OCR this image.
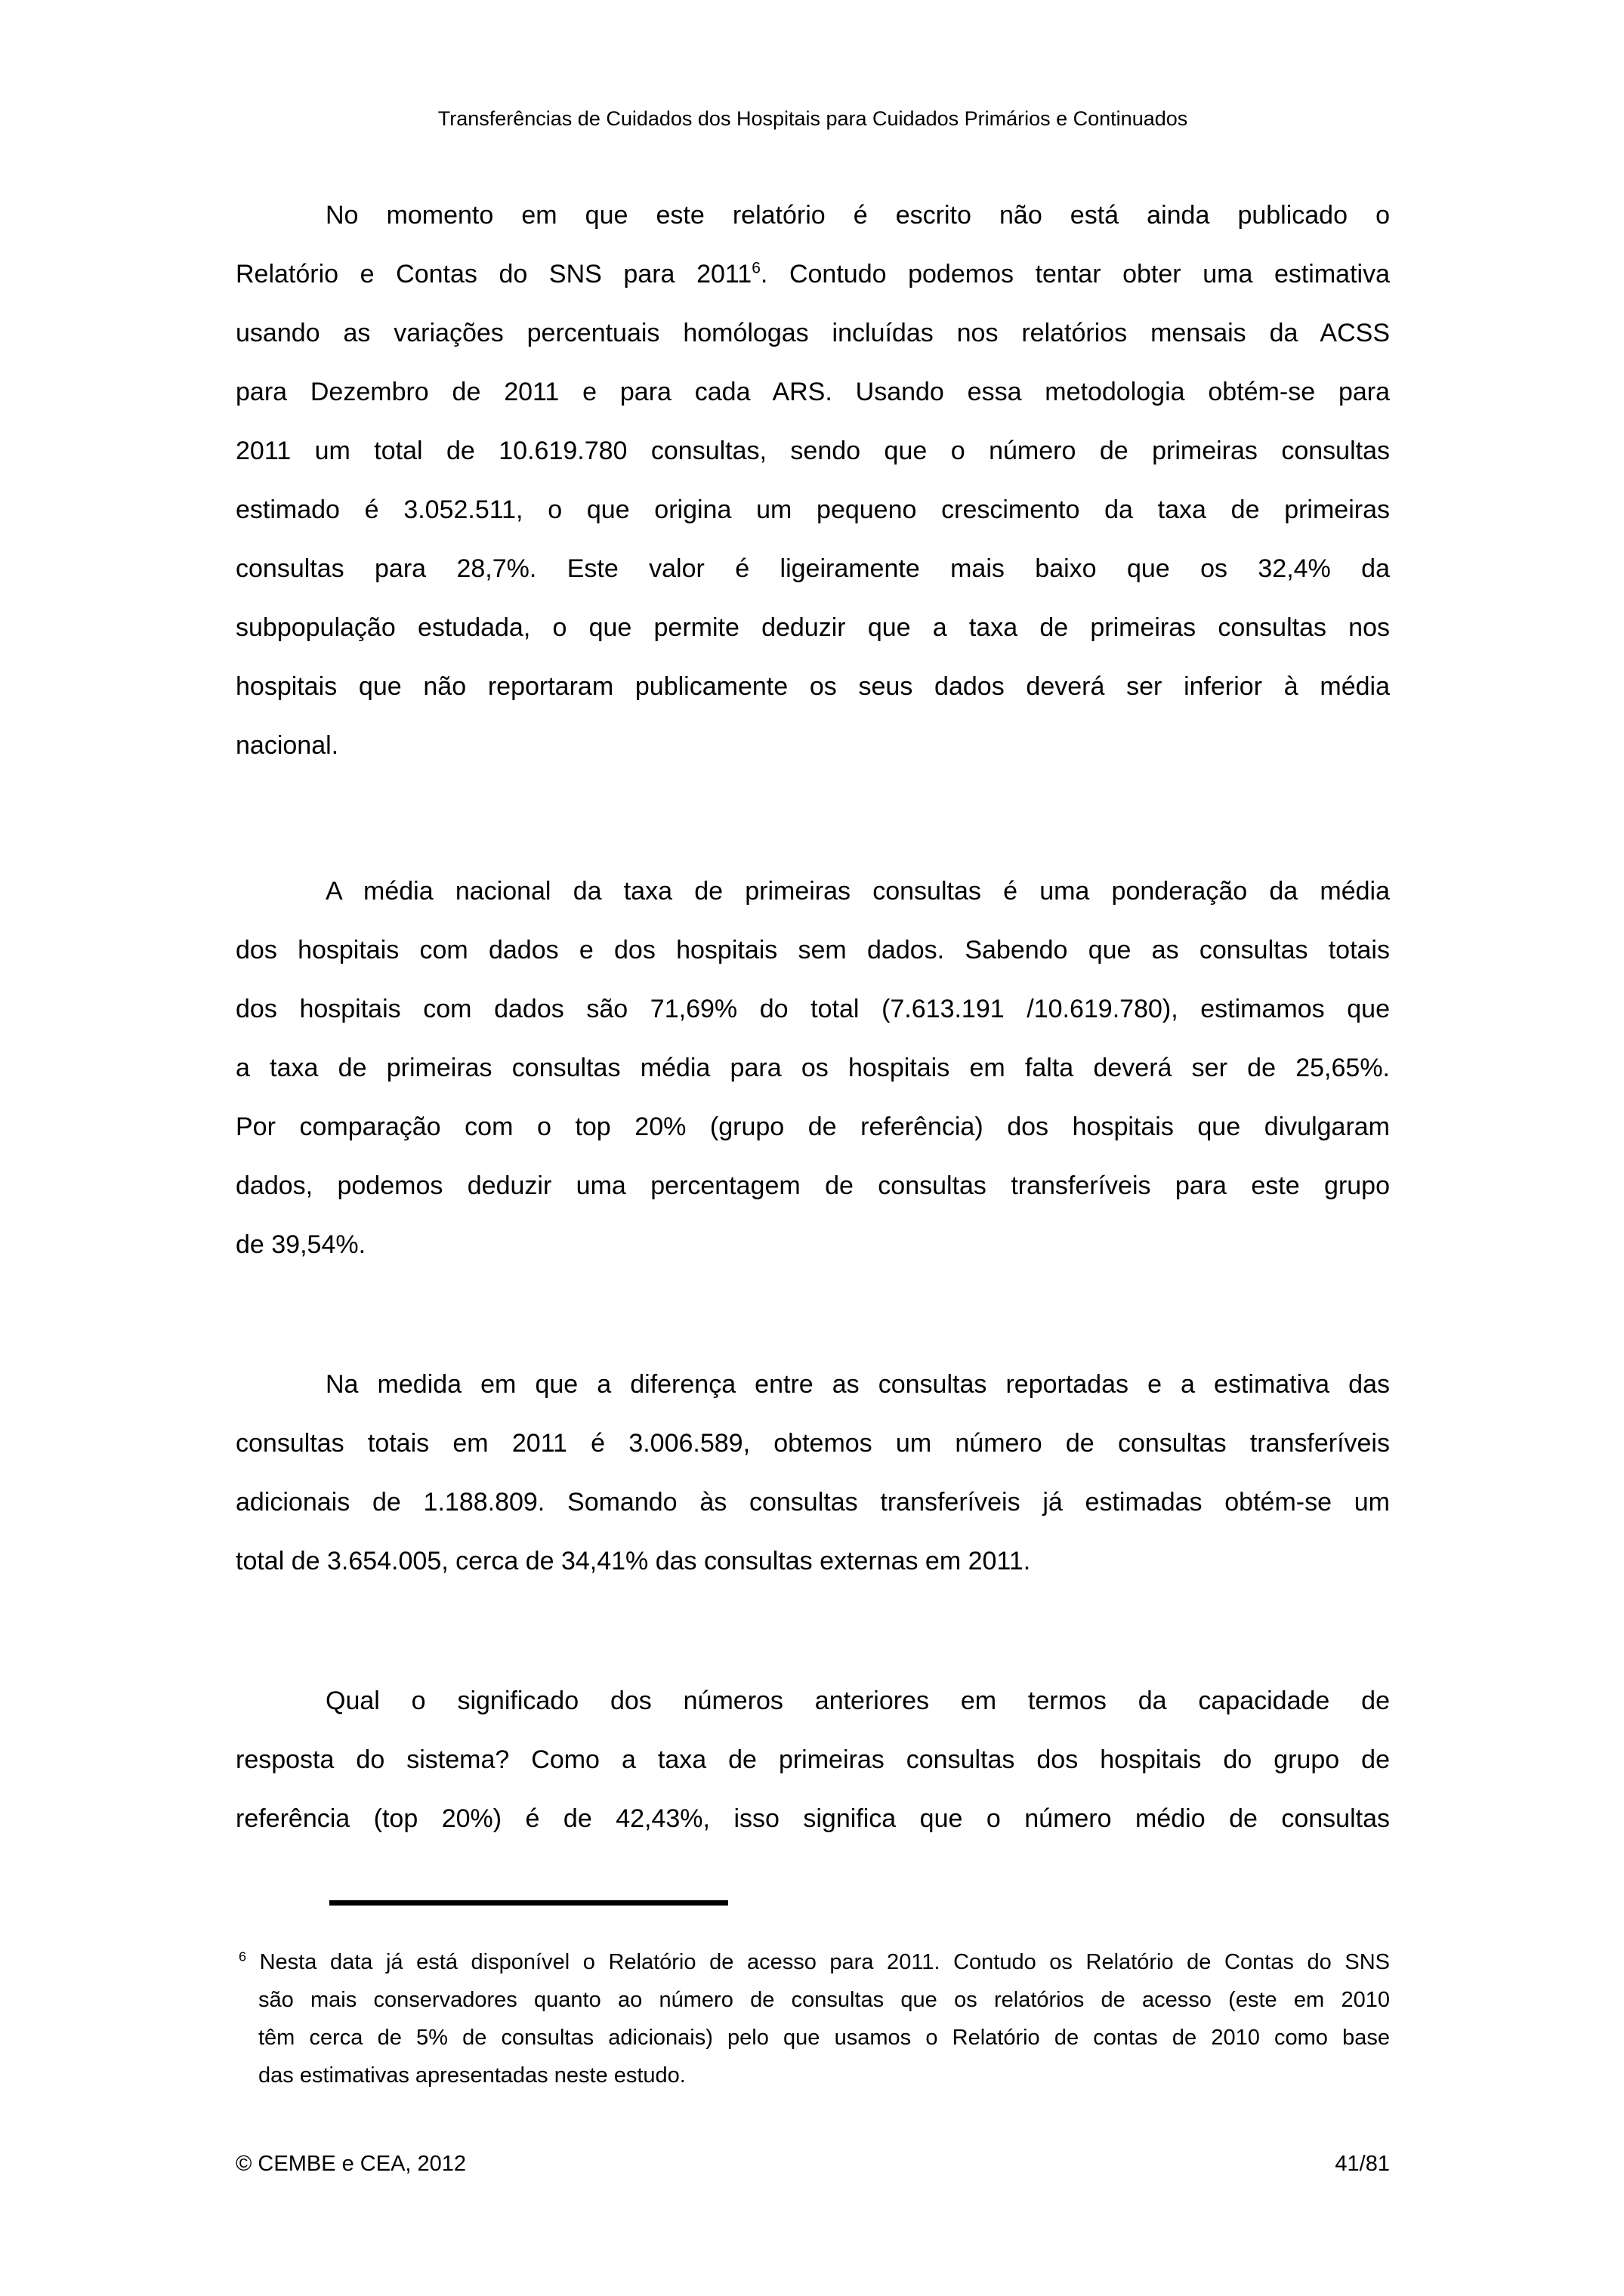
Transferências de Cuidados dos Hospitais para Cuidados Primários e Continuados
No momento em que este relatório é escrito não está ainda publicado o
Relatório e Contas do SNS para 2011$^6$. Contudo podemos tentar obter uma estimativa
usando as variações percentuais homólogas incluídas nos relatórios mensais da ACSS
para Dezembro de 2011 e para cada ARS. Usando essa metodologia obtém-se para
2011 um total de 10.619.780 consultas, sendo que o número de primeiras consultas
estimado é 3.052.511, o que origina um pequeno crescimento da taxa de primeiras
consultas para 28,7%. Este valor é ligeiramente mais baixo que os 32,4% da
subpopulação estudada, o que permite deduzir que a taxa de primeiras consultas nos
hospitais que não reportaram publicamente os seus dados deverá ser inferior à média
nacional.
A média nacional da taxa de primeiras consultas é uma ponderação da média
dos hospitais com dados e dos hospitais sem dados. Sabendo que as consultas totais
dos hospitais com dados são 71,69% do total (7.613.191 /10.619.780), estimamos que
a taxa de primeiras consultas média para os hospitais em falta deverá ser de 25,65%.
Por comparação com o top 20% (grupo de referência) dos hospitais que divulgaram
dados, podemos deduzir uma percentagem de consultas transferíveis para este grupo
de 39,54%.
Na medida em que a diferença entre as consultas reportadas e a estimativa das
consultas totais em 2011 é 3.006.589, obtemos um número de consultas transferíveis
adicionais de 1.188.809. Somando às consultas transferíveis já estimadas obtém-se um
total de 3.654.005, cerca de 34,41% das consultas externas em 2011.
Qual o significado dos números anteriores em termos da capacidade de
resposta do sistema? Como a taxa de primeiras consultas dos hospitais do grupo de
referência (top 20%) é de 42,43%, isso significa que o número médio de consultas
$^6$ Nesta data já está disponível o Relatório de acesso para 2011. Contudo os Relatório de Contas do SNS
são mais conservadores quanto ao número de consultas que os relatórios de acesso (este em 2010
têm cerca de 5% de consultas adicionais) pelo que usamos o Relatório de contas de 2010 como base
das estimativas apresentadas neste estudo.
© CEMBE e CEA, 2012	41/81
